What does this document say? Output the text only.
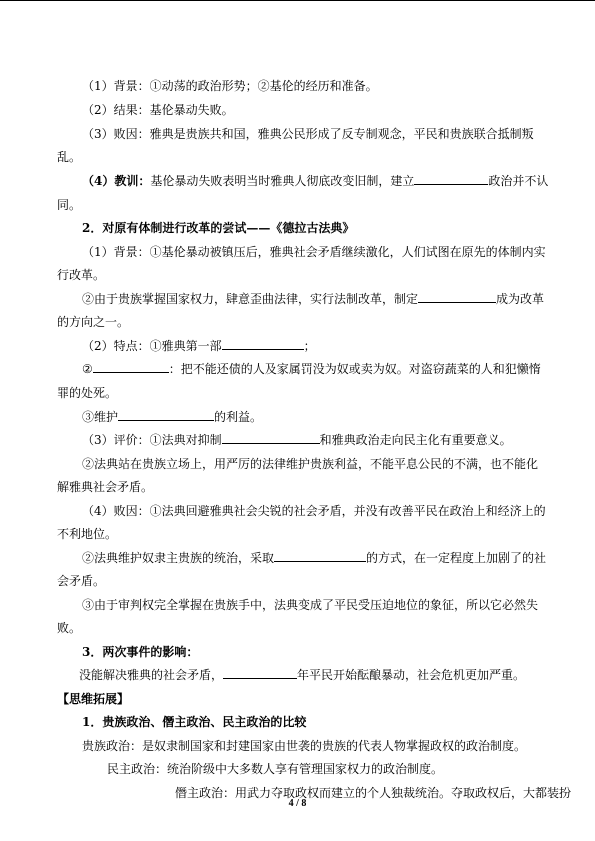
（1）背景：①动荡的政治形势；②基伦的经历和准备。
（2）结果：基伦暴动失败。
（3）败因：雅典是贵族共和国，雅典公民形成了反专制观念，平民和贵族联合抵制叛
乱。
（4）教训：基伦暴动失败表明当时雅典人彻底改变旧制，建立	政治并不认
同。
2．对原有体制进行改革的尝试——《德拉古法典》
（1）背景：①基伦暴动被镇压后，雅典社会矛盾继续激化，人们试图在原先的体制内实
行改革。
②由于贵族掌握国家权力，肆意歪曲法律，实行法制改革，制定	成为改革
的方向之一。
（2）特点：①雅典第一部	；
②	：把不能还债的人及家属罚没为奴或卖为奴。对盗窃蔬菜的人和犯懒惰
罪的处死。
③维护	的利益。
（3）评价：①法典对抑制	和雅典政治走向民主化有重要意义。
②法典站在贵族立场上，用严厉的法律维护贵族利益，不能平息公民的不满，也不能化
解雅典社会矛盾。
（4）败因：①法典回避雅典社会尖锐的社会矛盾，并没有改善平民在政治上和经济上的
不利地位。
②法典维护奴隶主贵族的统治，采取	的方式，在一定程度上加剧了的社
会矛盾。
③由于审判权完全掌握在贵族手中，法典变成了平民受压迫地位的象征，所以它必然失
败。
3．两次事件的影响：
没能解决雅典的社会矛盾，	年平民开始酝酿暴动，社会危机更加严重。
【思维拓展】
1．贵族政治、僭主政治、民主政治的比较
贵族政治：是奴隶制国家和封建国家由世袭的贵族的代表人物掌握政权的政治制度。
民主政治：统治阶级中大多数人享有管理国家权力的政治制度。
僭主政治：用武力夺取政权而建立的个人独裁统治。夺取政权后，大都装扮
4 / 8
